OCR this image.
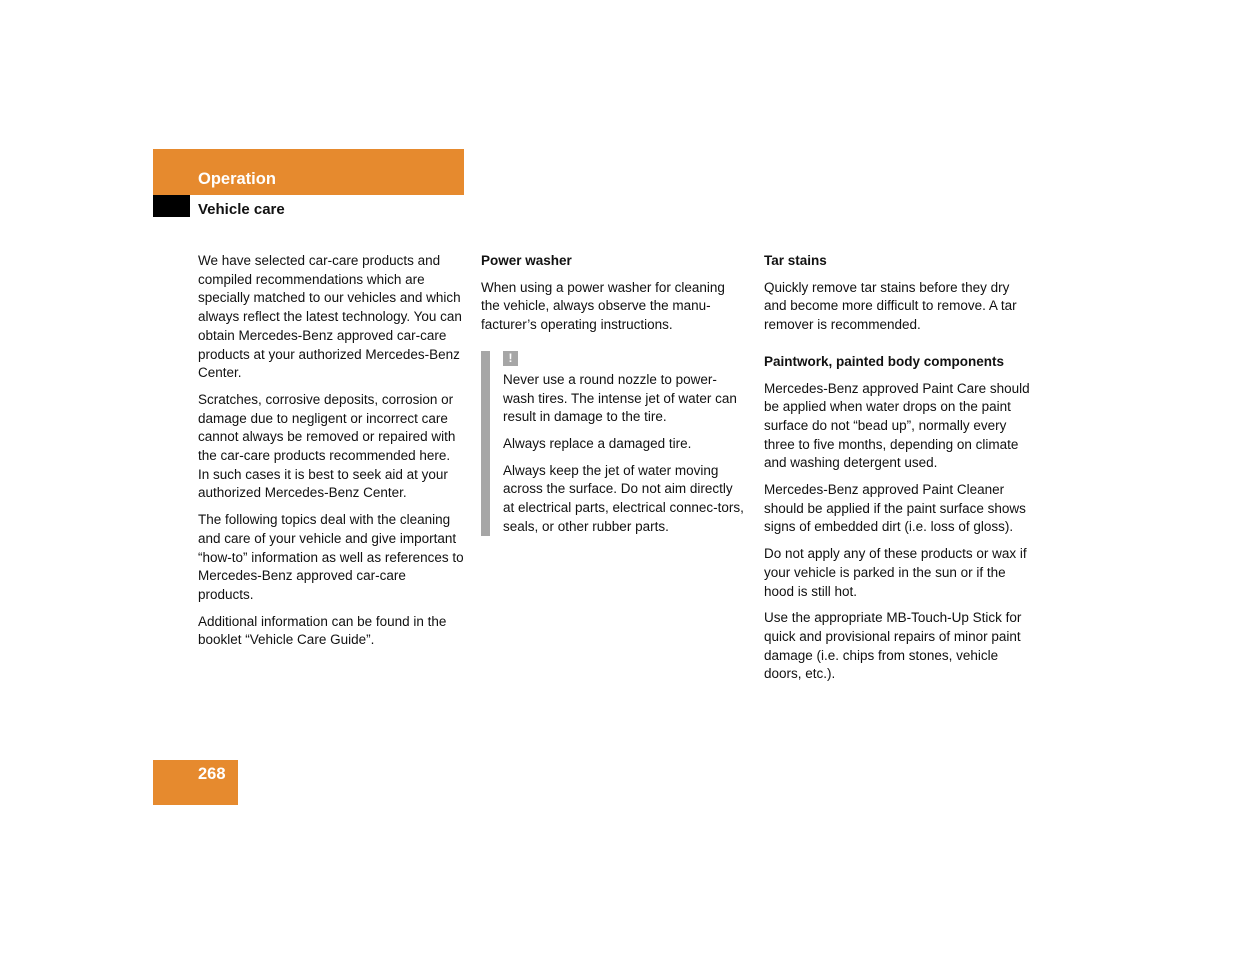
Operation
Vehicle care

We have selected car-care products and compiled recommendations which are specially matched to our vehicles and which always reflect the latest technology. You can obtain Mercedes-Benz approved car-care products at your authorized Mercedes-Benz Center.

Scratches, corrosive deposits, corrosion or damage due to negligent or incorrect care cannot always be removed or repaired with the car-care products recommended here. In such cases it is best to seek aid at your authorized Mercedes-Benz Center.

The following topics deal with the cleaning and care of your vehicle and give important “how-to” information as well as references to Mercedes-Benz approved car-care products.

Additional information can be found in the booklet “Vehicle Care Guide”.

Power washer

When using a power washer for cleaning the vehicle, always observe the manu-facturer’s operating instructions.

!

Never use a round nozzle to power-wash tires. The intense jet of water can result in damage to the tire.

Always replace a damaged tire.

Always keep the jet of water moving across the surface. Do not aim directly at electrical parts, electrical connec-tors, seals, or other rubber parts.

Tar stains

Quickly remove tar stains before they dry and become more difficult to remove. A tar remover is recommended.

Paintwork, painted body components

Mercedes-Benz approved Paint Care should be applied when water drops on the paint surface do not “bead up”, normally every three to five months, depending on climate and washing detergent used.

Mercedes-Benz approved Paint Cleaner should be applied if the paint surface shows signs of embedded dirt (i.e. loss of gloss).

Do not apply any of these products or wax if your vehicle is parked in the sun or if the hood is still hot.

Use the appropriate MB-Touch-Up Stick for quick and provisional repairs of minor paint damage (i.e. chips from stones, vehicle doors, etc.).

268
